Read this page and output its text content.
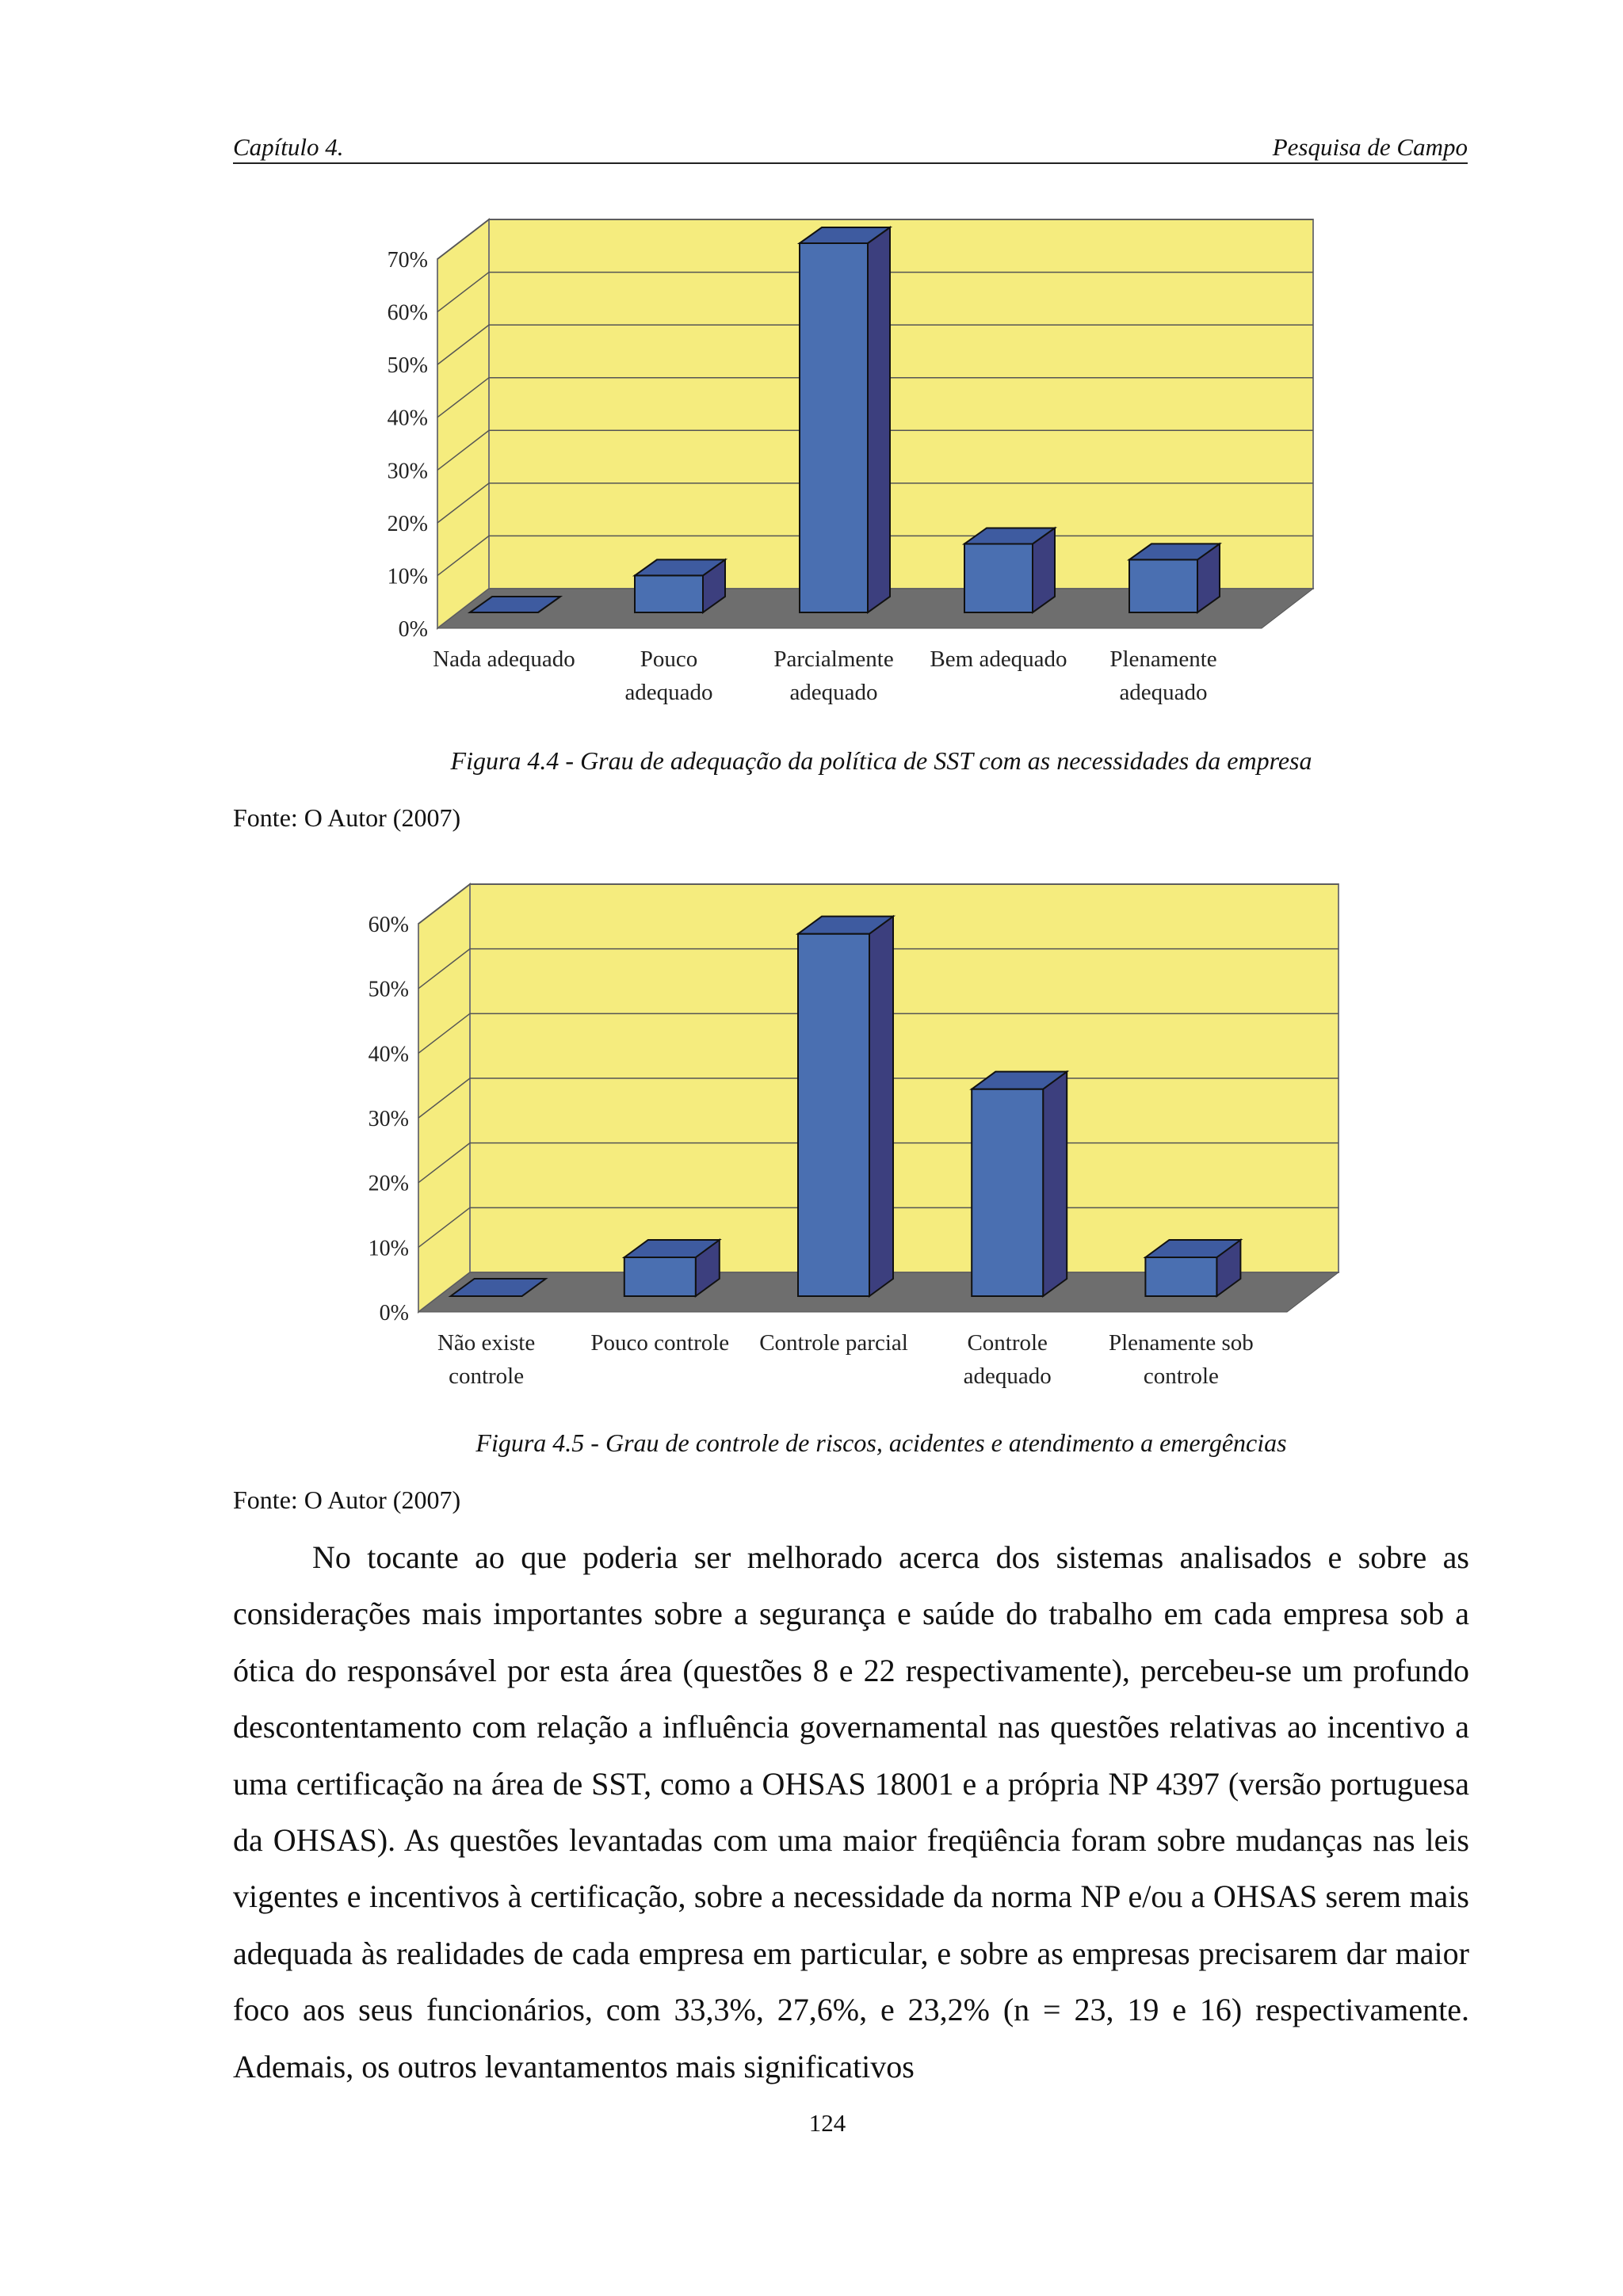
Capítulo 4.	Pesquisa de Campo
0%
10%
20%
30%
40%
50%
60%
70%
Nada adequado	Pouco
adequado
Parcialmente
adequado
Bem adequado Plenamente
adequado
Figura 4.4 - Grau de adequação da política de SST com as necessidades da empresa
Fonte: O Autor (2007)
0%
10%
20%
30%
40%
50%
60%
Não existe
controle
Pouco controle Controle parcial	Controle
adequado
Plenamente sob
controle
Figura 4.5 - Grau de controle de riscos, acidentes e atendimento a emergências
Fonte: O Autor (2007)

No tocante ao que poderia ser melhorado acerca dos sistemas analisados e sobre as considerações mais importantes sobre a segurança e saúde do trabalho em cada empresa sob a ótica do responsável por esta área (questões 8 e 22 respectivamente), percebeu-se um profundo descontentamento com relação a influência governamental nas questões relativas ao incentivo a uma certificação na área de SST, como a OHSAS 18001 e a própria NP 4397 (versão portuguesa da OHSAS). As questões levantadas com uma maior freqüência foram sobre mudanças nas leis vigentes e incentivos à certificação, sobre a necessidade da norma NP e/ou a OHSAS serem mais adequada às realidades de cada empresa em particular, e sobre as empresas precisarem dar maior foco aos seus funcionários, com 33,3%, 27,6%, e 23,2% (n = 23, 19 e 16) respectivamente. Ademais, os outros levantamentos mais significativos

124
